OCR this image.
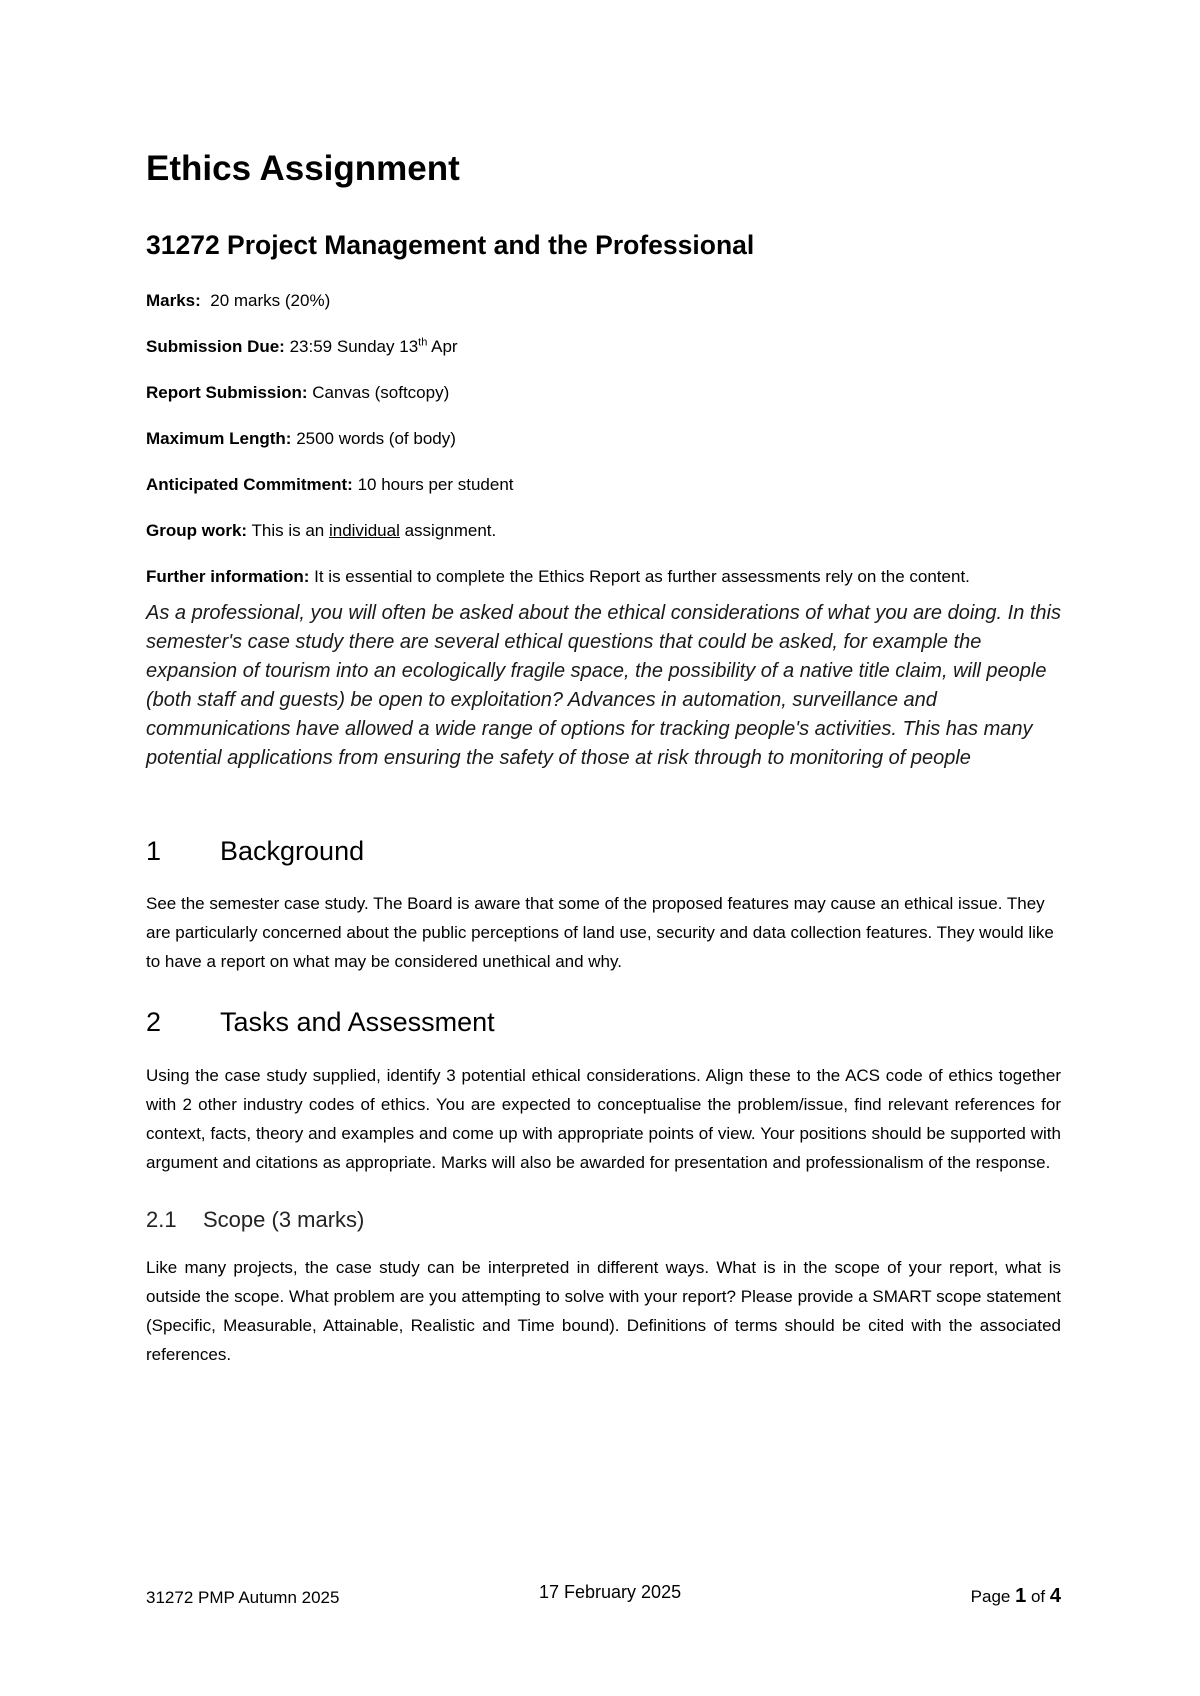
Ethics Assignment
31272 Project Management and the Professional

Marks: 20 marks (20%)

Submission Due: 23:59 Sunday 13th Apr

Report Submission: Canvas (softcopy)

Maximum Length: 2500 words (of body)

Anticipated Commitment: 10 hours per student

Group work: This is an individual assignment.

Further information: It is essential to complete the Ethics Report as further assessments rely on the content.

As a professional, you will often be asked about the ethical considerations of what you are doing. In this semester's case study there are several ethical questions that could be asked, for example the expansion of tourism into an ecologically fragile space, the possibility of a native title claim, will people (both staff and guests) be open to exploitation? Advances in automation, surveillance and communications have allowed a wide range of options for tracking people's activities. This has many potential applications from ensuring the safety of those at risk through to monitoring of people

1	Background

See the semester case study. The Board is aware that some of the proposed features may cause an ethical issue. They are particularly concerned about the public perceptions of land use, security and data collection features. They would like to have a report on what may be considered unethical and why.

2	Tasks and Assessment

Using the case study supplied, identify 3 potential ethical considerations. Align these to the ACS code of ethics together with 2 other industry codes of ethics. You are expected to conceptualise the problem/issue, find relevant references for context, facts, theory and examples and come up with appropriate points of view. Your positions should be supported with argument and citations as appropriate. Marks will also be awarded for presentation and professionalism of the response.

2.1	Scope (3 marks)

Like many projects, the case study can be interpreted in different ways. What is in the scope of your report, what is outside the scope. What problem are you attempting to solve with your report? Please provide a SMART scope statement (Specific, Measurable, Attainable, Realistic and Time bound). Definitions of terms should be cited with the associated references.

31272 PMP Autumn 2025	17 February 2025	Page 1 of 4
